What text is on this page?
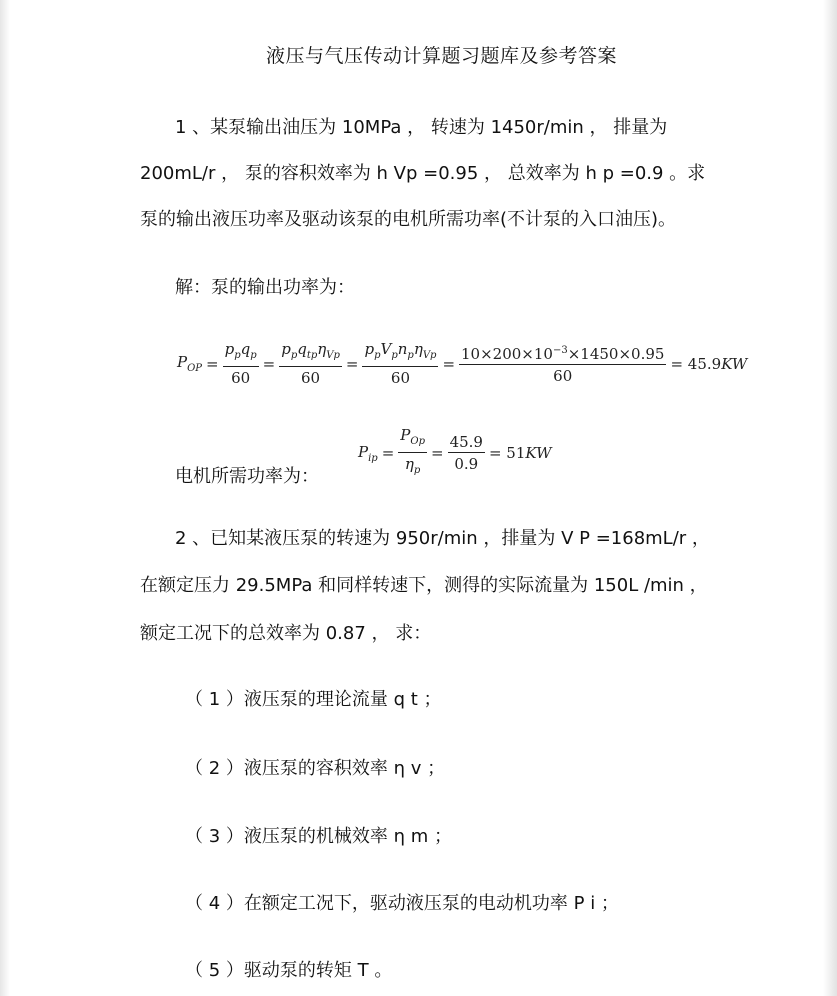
液压与气压传动计算题习题库及参考答案
1 、某泵输出油压为 10MPa ， 转速为 1450r/min ， 排量为
200mL/r ， 泵的容积效率为 h Vp =0.95 ， 总效率为 h p =0.9 。求
泵的输出液压功率及驱动该泵的电机所需功率(不计泵的入口油压)。
解：泵的输出功率为：
$P_{OP} = \frac{p_pq_p}{60} = \frac{p_pq_{tp}\eta_{Vp}}{60} = \frac{p_pV_pn_p\eta_{Vp}}{60} = \frac{10\times 200\times 10^{-3}\times 1450\times 0.95}{60} = 45.9KW$
$P_{ip} = \frac{P_{Op}}{\eta_p} = \frac{45.9}{0.9} = 51KW$
电机所需功率为：
2 、已知某液压泵的转速为 950r/min ，排量为 V P =168mL/r ，
在额定压力 29.5MPa 和同样转速下，测得的实际流量为 150L /min ，
额定工况下的总效率为 0.87 ， 求：
（ 1 ）液压泵的理论流量 q t ；
（ 2 ）液压泵的容积效率 η v ；
（ 3 ）液压泵的机械效率 η m ；
（ 4 ）在额定工况下，驱动液压泵的电动机功率 P i ；
（ 5 ）驱动泵的转矩 T 。
